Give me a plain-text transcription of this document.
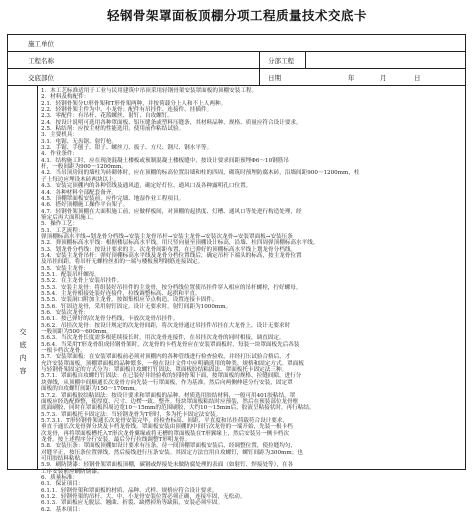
轻钢骨架罩面板顶棚分项工程质量技术交底卡
施工单位
工程名称	分部工程
交底部位	日期	年	月	日
交
底
内
容
1．本工艺标准适用于工业与民用建筑中吊顶采用轻钢骨架安装罩面板的顶棚安装工程。
2．材料及构配件：
2.1．轻钢骨架分U形骨架和T形骨架两种，并按荷载分上人和不上人两种。
2.2．轻钢骨架主件为中、小龙骨；配件有吊挂件、连接件、挂插件。
2.3．零配件：有吊杆、花篮螺丝、射钉、自攻螺钉。
2.4．按设计说明可选用各种罩面板、铝压缝条或塑料压缝条，其材料品种、规格、质量应符合设计要求。
2.5．粘结剂：应按主材的性能选用，使用前作粘结试验。
3．主要机具：
3.1．电锯、无齿锯、射钉枪。
3.2．手锯、手刨子、钳子、螺丝刀、扳子、方尺、钢尺、钢水平等。
4．作业条件：
4.1．结构施工时，应在现浇混凝土楼板或预制混凝土楼板缝中，按设计要求间距预埋Φ6～10钢筋吊
杆，一般间距为900～1200mm。
4.2．当吊顶房间的墙柱为砖砌体时，应在顶棚的标高位置沿墙和柱的四周，砌筑时预埋防腐木砖，沿墙间距900～1200mm，柱
子上每边应埋设木砖两块以上。
4.3．安装完顶棚内的各种管线及通风道，确定好灯位、通风口及各种露明孔口位置。
4.4．各种材料全部配套备齐。
4.5．顶棚罩面板安装前，应作完墙、地湿作业工程项目。
4.6．搭好顶棚施工操作平台架子。
4.7．轻钢骨架顶棚在大面积施工前，应做样板间，对顶棚的起拱度、灯槽、通风口等处进行构造处理，经
鉴定后再大面积施工。
5．操作工艺：
5.1．工艺流程：
弹顶棚标高水平线→划龙骨分档线→安装主龙骨吊杆→安装主龙骨→安装次龙骨→安装罩面板→安装压条
5.2．弹顶棚标高水平线：根据楼层标高水平线，用尺竖向量至顶棚设计标高，沿墙、柱四周弹顶棚标高水平线。
5.3．划龙骨分档线：按设计要求的主、次龙骨间距布置，在已弹好的顶棚标高水平线上划龙骨分档线。
5.4．安装主龙骨吊杆：弹好顶棚标高水平线及龙骨分档位置线后，确定吊杆下端头的标高，按主龙骨位置
及吊挂间距，将吊杆无螺栓丝扣的一端与楼板预埋钢筋连接固定。
5.5．安装主龙骨：
5.5.1．配装吊杆螺母。
5.5.2．在主龙骨上安装吊挂件。
5.5.3．安装主龙骨：将组装好吊挂件的主龙骨，按分档线位置使吊挂件穿入相应的吊杆螺栓，拧好螺母。
5.5.4．主龙骨相接处装好连接件，拉线调整标高、起拱和平直。
5.5.5．安装洞口附加主龙骨，按图集相应节点构造，设置连接卡固件。
5.5.6．钉固边龙骨，采用射钉固定。设计无要求时，射钉间距为1000mm。
5.6．安装次龙骨：
5.6.1．按已弹好的次龙骨分档线，卡放次龙骨吊挂件。
5.6.2．吊挂次龙骨：按设计规定的次龙骨间距，将次龙骨通过吊挂件吊挂在大龙骨上，设计无要求时
一般间距为500～600mm。
5.6.3．当次龙骨长度需多根延续接长时，用次龙骨连接件，在吊挂次龙骨的同时相接，调直固定。
5.6.4．当采用T形龙骨组成轻钢骨架时，次龙骨的卡档龙骨应在安装罩面板时，每装一块罩面板先后各装
一根卡档次龙骨。
5.7．安装罩面板：在安装罩面板前必须对顶棚内的各种管线进行检查验收，并经打压试验合格后，才
允许安装罩面板。顶棚罩面板的品种繁多，一般在设计文件中应明确选用的种类、规格和固定方式。罩面板
与轻钢骨架固定的方式分为：罩面板自攻螺钉钉固法、罩面板胶结粘固法、罩面板托卡固定法三种。
5.7.1．罩面板自攻螺钉钉固法：在已装好并经验收的轻钢骨架下面，按罩面板的规格、拉缝间隙，进行分
块弹线，从顶棚中间顺通长次龙骨方向先装一行罩面板，作为基准，然后向两侧伸延分行安装，固定罩
面板的自攻螺钉间距为150～170mm。
5.7.2．罩面板胶结粘固法：按设计要求和罩面板的品种、材质选用胶结材料，一般可用401胶粘结，罩
面板应经选配修整，使厚度、尺寸、边楞一致、整齐。每块罩面板粘结时应预装，然后在预装部位龙骨框
底面刷胶，同时在罩面板四周边宽10～15mm的范围刷胶，大约10～15min后，胶液呈粘接状时，再行粘结。
5.7.3．罩面板托卡固定法：当轻钢龙骨为T形时，多为托卡固定法安装。
5.7.3.1．T形轻钢骨架通长次龙骨安装完毕，经检查标高、间距、平直度和吊挂荷载符合设计要求，
垂直于通长次龙骨弹分块及卡档龙骨线。罩面板安装由顶棚的中间行次龙骨的一端开始，先装一根卡档
次龙骨，再将罩面板槽托入T形次龙骨翼缘或将无槽的罩面板装在T形翼缘上，然后安装另一侧卡档次
龙骨。按上述程序分行安装，最后分行拉线调整T形明龙骨。
5.8．安装压条：罩面板顶棚如设计要求有压条，待一间顶棚罩面板安装后，经调整位置，使拉缝均匀，
对缝平正，按压条位置弹线，然后接线进行压条安装。其固定方法宜用自攻螺钉，螺钉间距为300mm；也
可用胶结料粘贴。
5.9．刷防锈漆：轻钢骨架罩面板顶棚，碳钢或焊接处未做防腐处理的表面（如射钉、焊接处等），在各
工序安装前应刷防锈漆。
6．质量标准：
6.1．保证项目：
6.1.1．轻钢骨架和罩面板的材质、品种、式样、规格应符合设计要求。
6.1.2．轻钢骨架的吊杆、大、中、小龙骨安装位置必须正确，连接牢固，无松动。
6.1.3．罩面板应无脱层、翘曲、折裂、缺楞掉角等缺陷，安装必须牢固。
6.2．基本项目：
